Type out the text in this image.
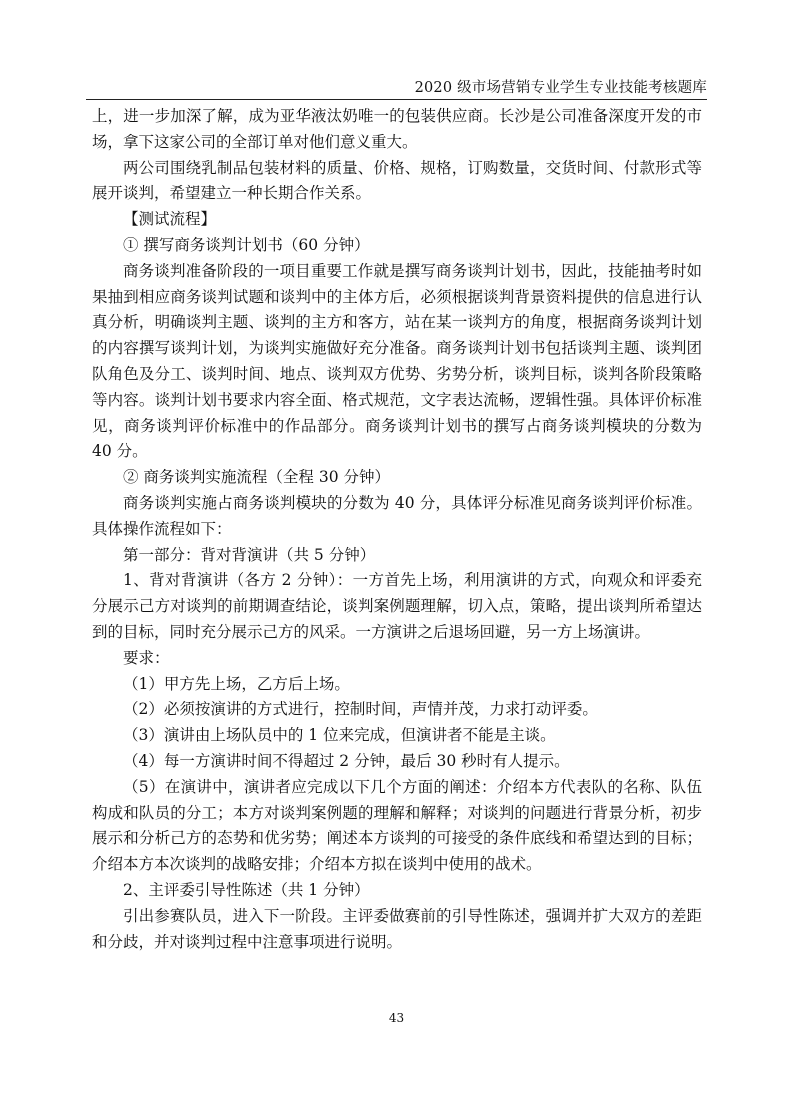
2020 级市场营销专业学生专业技能考核题库

上，进一步加深了解，成为亚华液汰奶唯一的包装供应商。长沙是公司准备深度开发的市场，拿下这家公司的全部订单对他们意义重大。

两公司围绕乳制品包装材料的质量、价格、规格，订购数量，交货时间、付款形式等展开谈判，希望建立一种长期合作关系。

【测试流程】

① 撰写商务谈判计划书（60 分钟）

商务谈判准备阶段的一项目重要工作就是撰写商务谈判计划书，因此，技能抽考时如果抽到相应商务谈判试题和谈判中的主体方后，必须根据谈判背景资料提供的信息进行认真分析，明确谈判主题、谈判的主方和客方，站在某一谈判方的角度，根据商务谈判计划的内容撰写谈判计划，为谈判实施做好充分准备。商务谈判计划书包括谈判主题、谈判团队角色及分工、谈判时间、地点、谈判双方优势、劣势分析，谈判目标，谈判各阶段策略等内容。谈判计划书要求内容全面、格式规范，文字表达流畅，逻辑性强。具体评价标准见，商务谈判评价标准中的作品部分。商务谈判计划书的撰写占商务谈判模块的分数为 40 分。

② 商务谈判实施流程（全程 30 分钟）

商务谈判实施占商务谈判模块的分数为 40 分，具体评分标准见商务谈判评价标准。具体操作流程如下：

第一部分：背对背演讲（共 5 分钟）

1、背对背演讲（各方 2 分钟）：一方首先上场，利用演讲的方式，向观众和评委充分展示己方对谈判的前期调查结论，谈判案例题理解，切入点，策略，提出谈判所希望达到的目标，同时充分展示己方的风采。一方演讲之后退场回避，另一方上场演讲。

要求：

（1）甲方先上场，乙方后上场。

（2）必须按演讲的方式进行，控制时间，声情并茂，力求打动评委。

（3）演讲由上场队员中的 1 位来完成，但演讲者不能是主谈。

（4）每一方演讲时间不得超过 2 分钟，最后 30 秒时有人提示。

（5）在演讲中，演讲者应完成以下几个方面的阐述：介绍本方代表队的名称、队伍构成和队员的分工；本方对谈判案例题的理解和解释；对谈判的问题进行背景分析，初步展示和分析己方的态势和优劣势；阐述本方谈判的可接受的条件底线和希望达到的目标；介绍本方本次谈判的战略安排；介绍本方拟在谈判中使用的战术。

2、主评委引导性陈述（共 1 分钟）

引出参赛队员，进入下一阶段。主评委做赛前的引导性陈述，强调并扩大双方的差距和分歧，并对谈判过程中注意事项进行说明。

43
